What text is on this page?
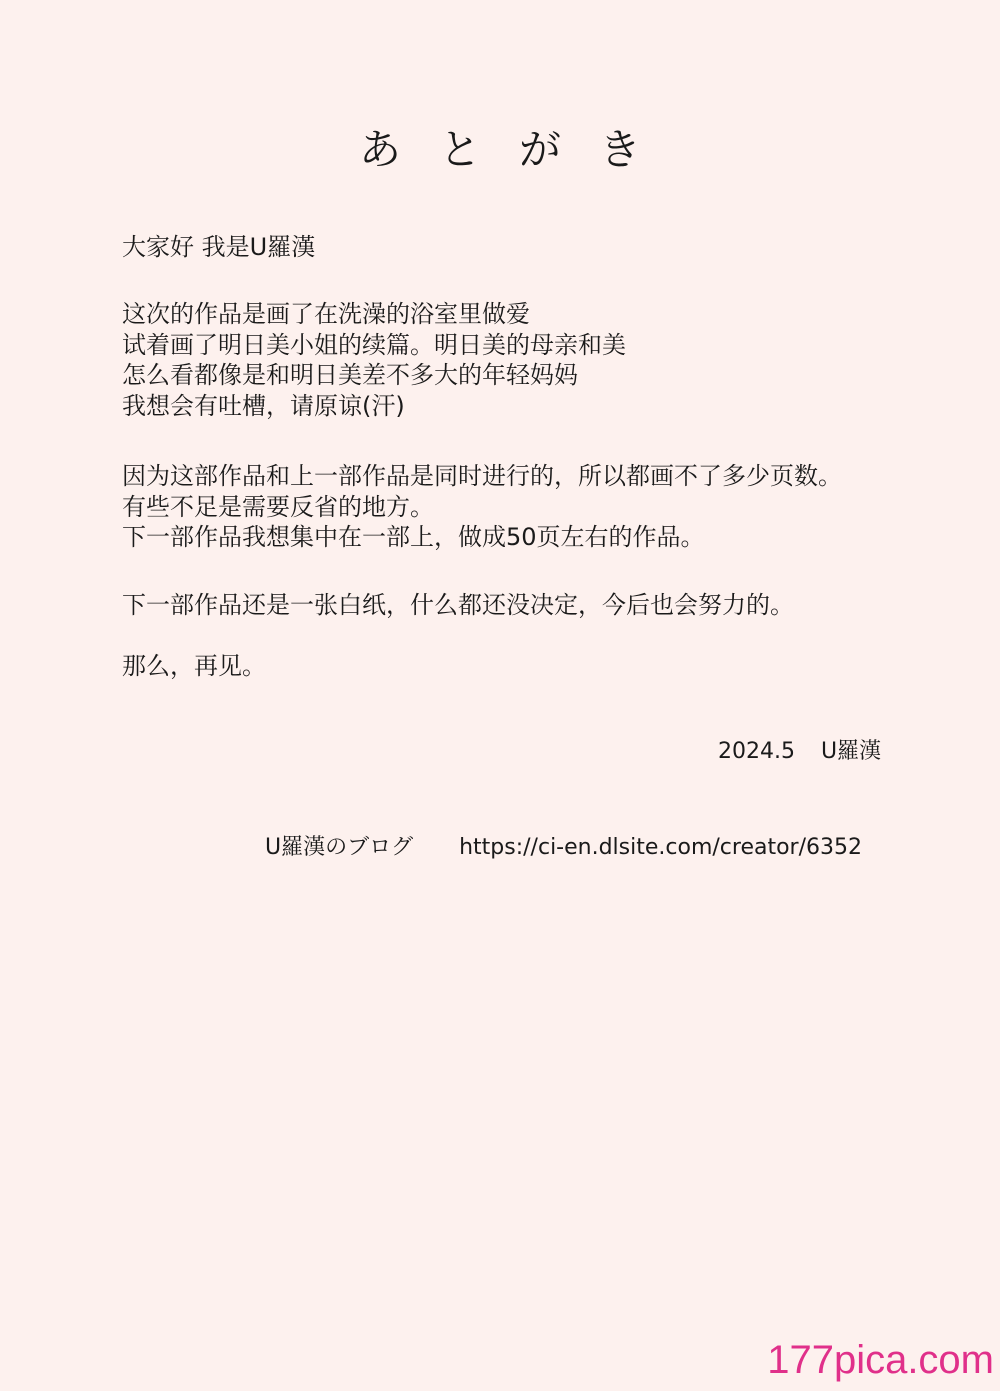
あとがき
大家好 我是U羅漢

这次的作品是画了在洗澡的浴室里做爱

试着画了明日美小姐的续篇。明日美的母亲和美

怎么看都像是和明日美差不多大的年轻妈妈

我想会有吐槽，请原谅(汗)

因为这部作品和上一部作品是同时进行的，所以都画不了多少页数。

有些不足是需要反省的地方。

下一部作品我想集中在一部上，做成50页左右的作品。

下一部作品还是一张白纸，什么都还没决定，今后也会努力的。

那么，再见。
2024.5 U羅漢
U羅漢のブログ https://ci-en.dlsite.com/creator/6352
177pica.com
